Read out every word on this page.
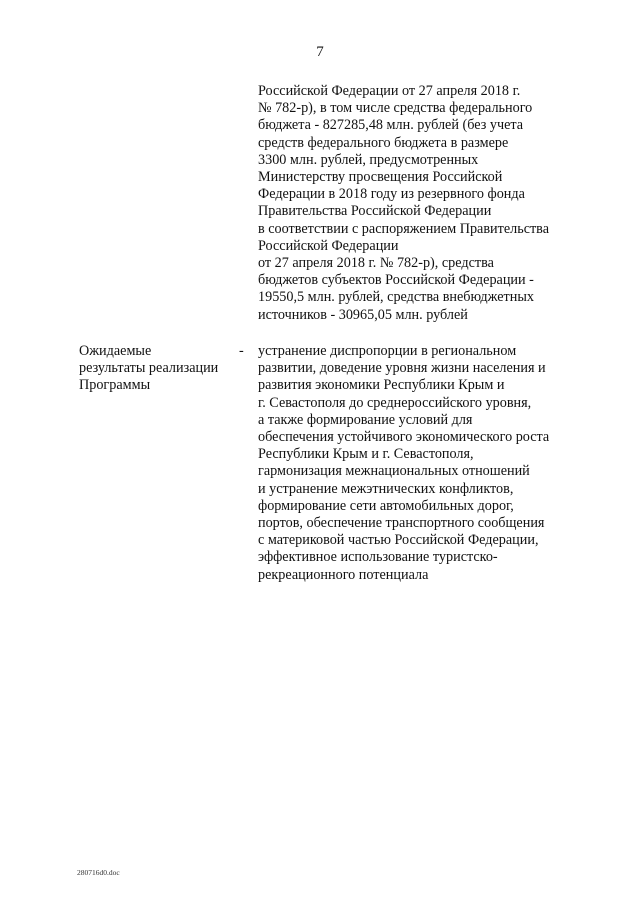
7
Российской Федерации от 27 апреля 2018 г.
№ 782-р), в том числе средства федерального
бюджета - 827285,48 млн. рублей (без учета
средств федерального бюджета в размере
3300 млн. рублей, предусмотренных
Министерству просвещения Российской
Федерации в 2018 году из резервного фонда
Правительства Российской Федерации
в соответствии с распоряжением Правительства
Российской Федерации
от 27 апреля 2018 г. № 782-р), средства
бюджетов субъектов Российской Федерации -
19550,5 млн. рублей, средства внебюджетных
источников - 30965,05 млн. рублей
Ожидаемые
результаты реализации
Программы
- устранение диспропорции в региональном
развитии, доведение уровня жизни населения и
развития экономики Республики Крым и
г. Севастополя до среднероссийского уровня,
а также формирование условий для
обеспечения устойчивого экономического роста
Республики Крым и г. Севастополя,
гармонизация межнациональных отношений
и устранение межэтнических конфликтов,
формирование сети автомобильных дорог,
портов, обеспечение транспортного сообщения
с материковой частью Российской Федерации,
эффективное использование туристско-
рекреационного потенциала
280716d0.doc
